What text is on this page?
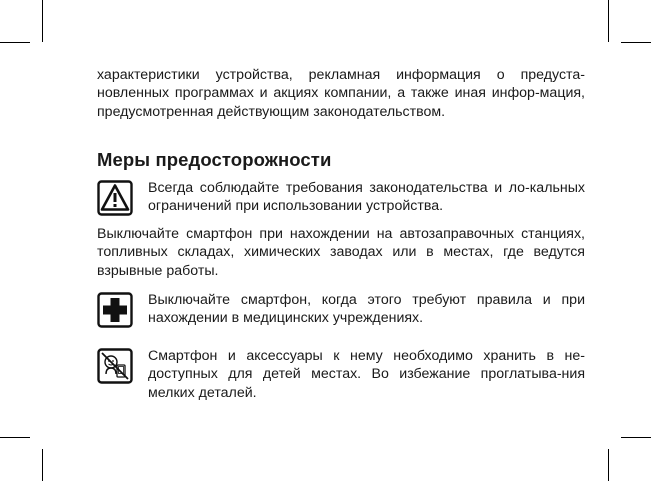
характеристики устройства, рекламная информация о предуста-новленных программах и акциях компании, а также иная инфор-мация, предусмотренная действующим законодательством.

Меры предосторожности

Всегда соблюдайте требования законодательства и ло-кальных ограничений при использовании устройства.

Выключайте смартфон при нахождении на автозаправочных станциях, топливных складах, химических заводах или в местах, где ведутся взрывные работы.

Выключайте смартфон, когда этого требуют правила и при нахождении в медицинских учреждениях.

Смартфон и аксессуары к нему необходимо хранить в не-доступных для детей местах. Во избежание проглатыва-ния мелких деталей.
